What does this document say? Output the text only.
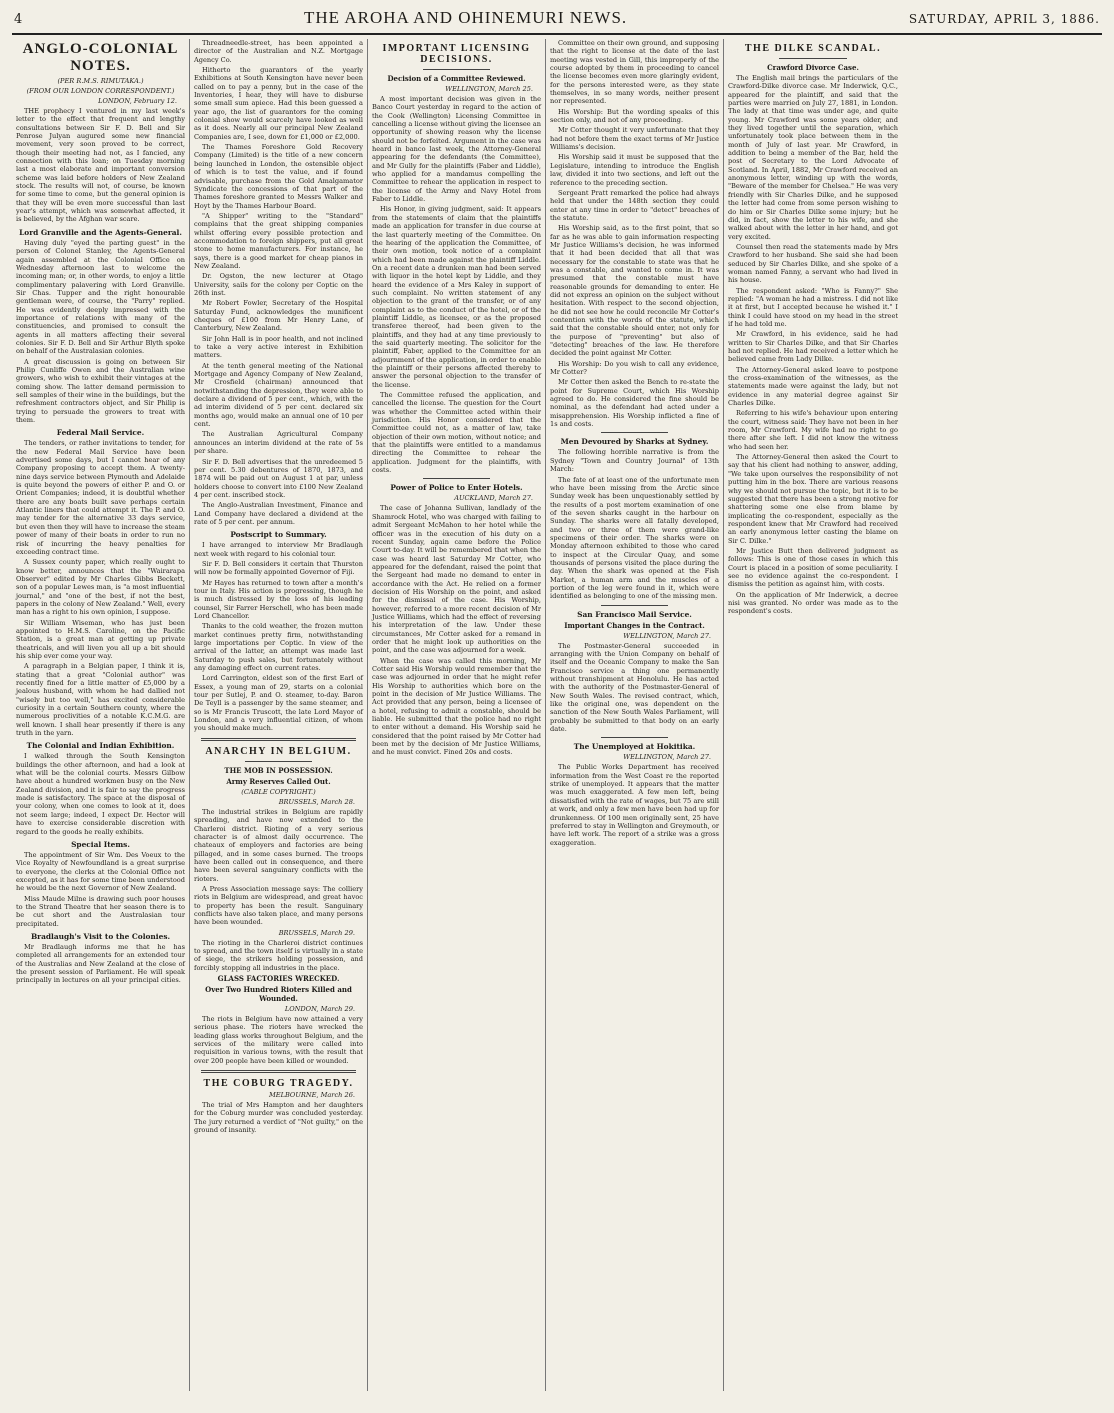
4	THE AROHA AND OHINEMURI NEWS.	SATURDAY, APRIL 3, 1886.
ANGLO-COLONIAL NOTES.
(PER R.M.S. RIMUTAKA.)
(FROM OUR LONDON CORRESPONDENT.)
LONDON, February 12.

THE prophecy I ventured in my last week's letter to the effect that frequent and lengthy consultations between Sir F. D. Bell and Sir Penrose Julyan augured some new financial movement, very soon proved to be correct, though their meeting had not, as I fancied, any connection with this loan; on Tuesday morning last a most elaborate and important conversion scheme was laid before holders of New Zealand stock. The results will not, of course, be known for some time to come, but the general opinion is that they will be even more successful than last year's attempt, which was somewhat affected, it is believed, by the Afghan war scare.

Lord Granville and the Agents-General.

Having duly "eyed the parting guest" in the person of Colonel Stanley, the Agents-General again assembled at the Colonial Office on Wednesday afternoon last to welcome the incoming man; or, in other words, to enjoy a little complimentary palavering with Lord Granville. Sir Chas. Tupper and the right honourable gentleman were, of course, the "Parry" replied. He was evidently deeply impressed with the importance of relations with many of the constituencies, and promised to consult the agents in all matters affecting their several colonies. Sir F. D. Bell and Sir Arthur Blyth spoke on behalf of the Australasian colonies.

A great discussion is going on between Sir Philip Cunliffe Owen and the Australian wine growers, who wish to exhibit their vintages at the coming show. The latter demand permission to sell samples of their wine in the buildings, but the refreshment contractors object, and Sir Philip is trying to persuade the growers to treat with them.

Federal Mail Service.

The tenders, or rather invitations to tender, for the new Federal Mail Service have been advertised some days, but I cannot hear of any Company proposing to accept them. A twenty-nine days service between Plymouth and Adelaide is quite beyond the powers of either P. and O. or Orient Companies; indeed, it is doubtful whether there are any boats built save perhaps certain Atlantic liners that could attempt it. The P. and O. may tender for the alternative 33 days service, but even then they will have to increase the steam power of many of their boats in order to run no risk of incurring the heavy penalties for exceeding contract time.

A Sussex county paper, which really ought to know better, announces that the "Wairarapa Observer" edited by Mr Charles Gibbs Beckett, son of a popular Lewes man, is "a most influential journal," and "one of the best, if not the best, papers in the colony of New Zealand." Well, every man has a right to his own opinion, I suppose.

Sir William Wiseman, who has just been appointed to H.M.S. Caroline, on the Pacific Station, is a great man at getting up private theatricals, and will liven you all up a bit should his ship ever come your way.

A paragraph in a Belgian paper, I think it is, stating that a great "Colonial author" was recently fined for a little matter of £5,000 by a jealous husband, with whom he had dallied not "wisely but too well," has excited considerable curiosity in a certain Southern county, where the numerous proclivities of a notable K.C.M.G. are well known. I shall hear presently if there is any truth in the yarn.

The Colonial and Indian Exhibition.

I walked through the South Kensington buildings the other afternoon, and had a look at what will be the colonial courts. Messrs Gilbow have about a hundred workmen busy on the New Zealand division, and it is fair to say the progress made is satisfactory. The space at the disposal of your colony, when one comes to look at it, does not seem large; indeed, I expect Dr. Hector will have to exercise considerable discretion with regard to the goods he really exhibits.

Special Items.

The appointment of Sir Wm. Des Voeux to the Vice Royalty of Newfoundland is a great surprise to everyone, the clerks at the Colonial Office not excepted, as it has for some time been understood he would be the next Governor of New Zealand.

Miss Maude Milne is drawing such poor houses to the Strand Theatre that her season there is to be cut short and the Australasian tour precipitated.

Bradlaugh's Visit to the Colonies.

Mr Bradlaugh informs me that he has completed all arrangements for an extended tour of the Australias and New Zealand at the close of the present session of Parliament. He will speak principally in lectures on all your principal cities.

Threadneedle-street, has been appointed a director of the Australian and N.Z. Mortgage Agency Co.

Hitherto the guarantors of the yearly Exhibitions at South Kensington have never been called on to pay a penny, but in the case of the Inventories, I hear, they will have to disburse some small sum apiece. Had this been guessed a year ago, the list of guarantors for the coming colonial show would scarcely have looked as well as it does. Nearly all our principal New Zealand Companies are, I see, down for £1,000 or £2,000.

The Thames Foreshore Gold Recovery Company (Limited) is the title of a new concern being launched in London, the ostensible object of which is to test the value, and if found advisable, purchase from the Gold Amalgamator Syndicate the concessions of that part of the Thames foreshore granted to Messrs Walker and Hoyt by the Thames Harbour Board.

"A Shipper" writing to the "Standard" complains that the great shipping companies whilst offering every possible protection and accommodation to foreign shippers, put all great stone to home manufacturers. For instance, he says, there is a good market for cheap pianos in New Zealand.

Dr. Ogston, the new lecturer at Otago University, sails for the colony per Coptic on the 26th inst.

Mr Robert Fowler, Secretary of the Hospital Saturday Fund, acknowledges the munificent cheques of £100 from Mr Henry Lane, of Canterbury, New Zealand.

Sir John Hall is in poor health, and not inclined to take a very active interest in Exhibition matters.

At the tenth general meeting of the National Mortgage and Agency Company of New Zealand, Mr Crosfield (chairman) announced that notwithstanding the depression, they were able to declare a dividend of 5 per cent., which, with the ad interim dividend of 5 per cent. declared six months ago, would make an annual one of 10 per cent.

The Australian Agricultural Company announces an interim dividend at the rate of 5s per share.

Sir F. D. Bell advertises that the unredeemed 5 per cent. 5.30 debentures of 1870, 1873, and 1874 will be paid out on August 1 at par, unless holders choose to convert into £100 New Zealand 4 per cent. inscribed stock.

The Anglo-Australian Investment, Finance and Land Company have declared a dividend at the rate of 5 per cent. per annum.

Postscript to Summary.

I have arranged to interview Mr Bradlaugh next week with regard to his colonial tour.

Sir F. D. Bell considers it certain that Thurston will now be formally appointed Governor of Fiji.

Mr Hayes has returned to town after a month's tour in Italy. His action is progressing, though he is much distressed by the loss of his leading counsel, Sir Farrer Herschell, who has been made Lord Chancellor.

Thanks to the cold weather, the frozen mutton market continues pretty firm, notwithstanding large importations per Coptic. In view of the arrival of the latter, an attempt was made last Saturday to push sales, but fortunately without any damaging effect on current rates.

Lord Carrington, eldest son of the first Earl of Essex, a young man of 29, starts on a colonial tour per Sutlej, P. and O. steamer, to-day. Baron De Teyll is a passenger by the same steamer, and so is Mr Francis Truscott, the late Lord Mayor of London, and a very influential citizen, of whom you should make much.

ANARCHY IN BELGIUM.
THE MOB IN POSSESSION.
Army Reserves Called Out.
(CABLE COPYRIGHT.)
BRUSSELS, March 28.

The industrial strikes in Belgium are rapidly spreading, and have now extended to the Charleroi district. Rioting of a very serious character is of almost daily occurrence. The chateaux of employers and factories are being pillaged, and in some cases burned. The troops have been called out in consequence, and there have been several sanguinary conflicts with the rioters.

A Press Association message says: The colliery riots in Belgium are widespread, and great havoc to property has been the result. Sanguinary conflicts have also taken place, and many persons have been wounded.

BRUSSELS, March 29.

The rioting in the Charleroi district continues to spread, and the town itself is virtually in a state of siege, the strikers holding possession, and forcibly stopping all industries in the place.

GLASS FACTORIES WRECKED.
Over Two Hundred Rioters Killed and Wounded.
LONDON, March 29.

The riots in Belgium have now attained a very serious phase. The rioters have wrecked the leading glass works throughout Belgium, and the services of the military were called into requisition in various towns, with the result that over 200 people have been killed or wounded.

THE COBURG TRAGEDY.
MELBOURNE, March 26.

The trial of Mrs Hampton and her daughters for the Coburg murder was concluded yesterday. The jury returned a verdict of "Not guilty," on the ground of insanity.

IMPORTANT LICENSING DECISIONS.
Decision of a Committee Reviewed.
WELLINGTON, March 25.

A most important decision was given in the Banco Court yesterday in regard to the action of the Cook (Wellington) Licensing Committee in cancelling a license without giving the licensee an opportunity of showing reason why the license should not be forfeited. Argument in the case was heard in banco last week, the Attorney-General appearing for the defendants (the Committee), and Mr Gully for the plaintiffs (Faber and Liddle), who applied for a mandamus compelling the Committee to rehear the application in respect to the license of the Army and Navy Hotel from Faber to Liddle.

His Honor, in giving judgment, said: It appears from the statements of claim that the plaintiffs made an application for transfer in due course at the last quarterly meeting of the Committee. On the hearing of the application the Committee, of their own motion, took notice of a complaint which had been made against the plaintiff Liddle. On a recent date a drunken man had been served with liquor in the hotel kept by Liddle, and they heard the evidence of a Mrs Kaley in support of such complaint. No written statement of any objection to the grant of the transfer, or of any complaint as to the conduct of the hotel, or of the plaintiff Liddle, as licensee, or as the proposed transferee thereof, had been given to the plaintiffs, and they had at any time previously to the said quarterly meeting. The solicitor for the plaintiff, Faber, applied to the Committee for an adjournment of the application, in order to enable the plaintiff or their persons affected thereby to answer the personal objection to the transfer of the license.

The Committee refused the application, and cancelled the license. The question for the Court was whether the Committee acted within their jurisdiction. His Honor considered that the Committee could not, as a matter of law, take objection of their own motion, without notice; and that the plaintiffs were entitled to a mandamus directing the Committee to rehear the application. Judgment for the plaintiffs, with costs.

Power of Police to Enter Hotels.
AUCKLAND, March 27.

The case of Johanna Sullivan, landlady of the Shamrock Hotel, who was charged with failing to admit Sergeant McMahon to her hotel while the officer was in the execution of his duty on a recent Sunday, again came before the Police Court to-day. It will be remembered that when the case was heard last Saturday Mr Cotter, who appeared for the defendant, raised the point that the Sergeant had made no demand to enter in accordance with the Act. He relied on a former decision of His Worship on the point, and asked for the dismissal of the case. His Worship, however, referred to a more recent decision of Mr Justice Williams, which had the effect of reversing his interpretation of the law. Under these circumstances, Mr Cotter asked for a remand in order that he might look up authorities on the point, and the case was adjourned for a week.

When the case was called this morning, Mr Cotter said His Worship would remember that the case was adjourned in order that he might refer His Worship to authorities which bore on the point in the decision of Mr Justice Williams. The Act provided that any person, being a licensee of a hotel, refusing to admit a constable, should be liable. He submitted that the police had no right to enter without a demand. His Worship said he considered that the point raised by Mr Cotter had been met by the decision of Mr Justice Williams, and he must convict. Fined 20s and costs.

Committee on their own ground, and supposing that the right to license at the date of the last meeting was vested in Gill, this improperly of the course adopted by them in proceeding to cancel the license becomes even more glaringly evident, for the persons interested were, as they state themselves, in so many words, neither present nor represented.

His Worship: But the wording speaks of this section only, and not of any proceeding.

Mr Cotter thought it very unfortunate that they had not before them the exact terms of Mr Justice Williams's decision.

His Worship said it must be supposed that the Legislature, intending to introduce the English law, divided it into two sections, and left out the reference to the preceding section.

Sergeant Pratt remarked the police had always held that under the 148th section they could enter at any time in order to "detect" breaches of the statute.

His Worship said, as to the first point, that so far as he was able to gain information respecting Mr Justice Williams's decision, he was informed that it had been decided that all that was necessary for the constable to state was that he was a constable, and wanted to come in. It was presumed that the constable must have reasonable grounds for demanding to enter. He did not express an opinion on the subject without hesitation. With respect to the second objection, he did not see how he could reconcile Mr Cotter's contention with the words of the statute, which said that the constable should enter, not only for the purpose of "preventing" but also of "detecting" breaches of the law. He therefore decided the point against Mr Cotter.

His Worship: Do you wish to call any evidence, Mr Cotter?

Mr Cotter then asked the Bench to re-state the point for Supreme Court, which His Worship agreed to do. He considered the fine should be nominal, as the defendant had acted under a misapprehension. His Worship inflicted a fine of 1s and costs.

Men Devoured by Sharks at Sydney.

The following horrible narrative is from the Sydney "Town and Country Journal" of 13th March:

The fate of at least one of the unfortunate men who have been missing from the Arctic since Sunday week has been unquestionably settled by the results of a post mortem examination of one of the seven sharks caught in the harbour on Sunday. The sharks were all fatally developed, and two or three of them were grand-like specimens of their order. The sharks were on Monday afternoon exhibited to those who cared to inspect at the Circular Quay, and some thousands of persons visited the place during the day. When the shark was opened at the Fish Market, a human arm and the muscles of a portion of the leg were found in it, which were identified as belonging to one of the missing men.

San Francisco Mail Service.
Important Changes in the Contract.
WELLINGTON, March 27.

The Postmaster-General succeeded in arranging with the Union Company on behalf of itself and the Oceanic Company to make the San Francisco service a thing one permanently without transhipment at Honolulu. He has acted with the authority of the Postmaster-General of New South Wales. The revised contract, which, like the original one, was dependent on the sanction of the New South Wales Parliament, will probably be submitted to that body on an early date.

The Unemployed at Hokitika.
WELLINGTON, March 27.

The Public Works Department has received information from the West Coast re the reported strike of unemployed. It appears that the matter was much exaggerated. A few men left, being dissatisfied with the rate of wages, but 75 are still at work, and only a few men have been had up for drunkenness. Of 100 men originally sent, 25 have preferred to stay in Wellington and Greymouth, or have left work. The report of a strike was a gross exaggeration.

THE DILKE SCANDAL.
Crawford Divorce Case.

The English mail brings the particulars of the Crawford-Dilke divorce case. Mr Inderwick, Q.C., appeared for the plaintiff, and said that the parties were married on July 27, 1881, in London. The lady at that time was under age, and quite young. Mr Crawford was some years older, and they lived together until the separation, which unfortunately took place between them in the month of July of last year. Mr Crawford, in addition to being a member of the Bar, held the post of Secretary to the Lord Advocate of Scotland. In April, 1882, Mr Crawford received an anonymous letter, winding up with the words, "Beware of the member for Chelsea." He was very friendly with Sir Charles Dilke, and he supposed the letter had come from some person wishing to do him or Sir Charles Dilke some injury; but he did, in fact, show the letter to his wife, and she walked about with the letter in her hand, and got very excited.

Counsel then read the statements made by Mrs Crawford to her husband. She said she had been seduced by Sir Charles Dilke, and she spoke of a woman named Fanny, a servant who had lived in his house.

The respondent asked: "Who is Fanny?" She replied: "A woman he had a mistress. I did not like it at first, but I accepted because he wished it." I think I could have stood on my head in the street if he had told me.

Mr Crawford, in his evidence, said he had written to Sir Charles Dilke, and that Sir Charles had not replied. He had received a letter which he believed came from Lady Dilke.

The Attorney-General asked leave to postpone the cross-examination of the witnesses, as the statements made were against the lady, but not evidence in any material degree against Sir Charles Dilke.

Referring to his wife's behaviour upon entering the court, witness said: They have not been in her room, Mr Crawford. My wife had no right to go there after she left. I did not know the witness who had seen her.

The Attorney-General then asked the Court to say that his client had nothing to answer, adding, "We take upon ourselves the responsibility of not putting him in the box. There are various reasons why we should not pursue the topic, but it is to be suggested that there has been a strong motive for shattering some one else from blame by implicating the co-respondent, especially as the respondent knew that Mr Crawford had received an early anonymous letter casting the blame on Sir C. Dilke."

Mr Justice Butt then delivered judgment as follows: This is one of those cases in which this Court is placed in a position of some peculiarity. I see no evidence against the co-respondent. I dismiss the petition as against him, with costs.

On the application of Mr Inderwick, a decree nisi was granted. No order was made as to the respondent's costs.
